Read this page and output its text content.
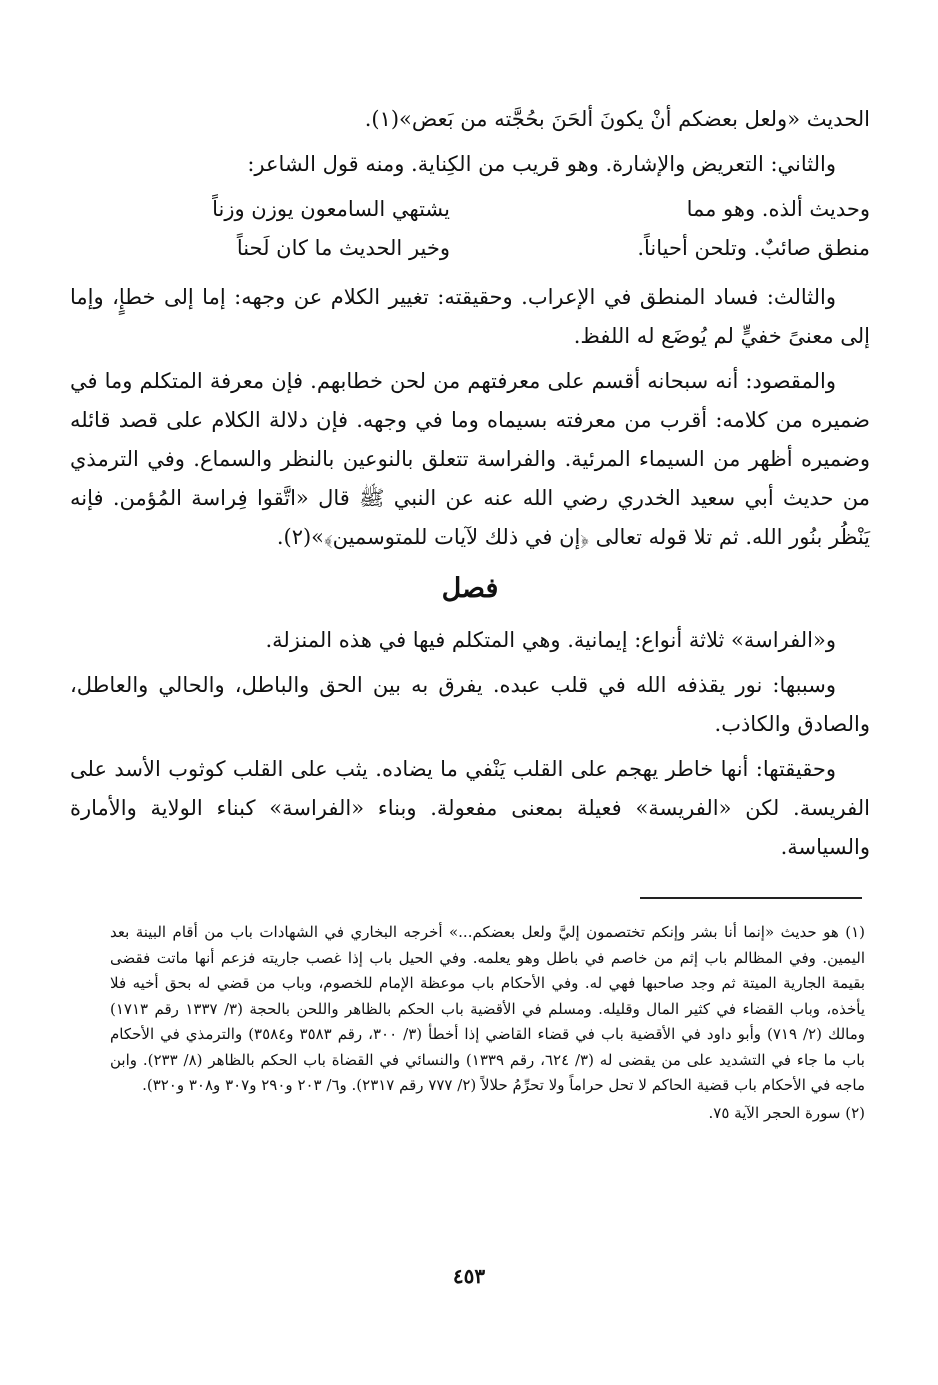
الحديث «ولعل بعضكم أنْ يكونَ ألحَنَ بحُجَّته من بَعض»(١).

والثاني: التعريض والإشارة. وهو قريب من الكِناية. ومنه قول الشاعر:

وحديث ألذه. وهو مما
يشتهي السامعون يوزن وزناً
منطق صائبٌ. وتلحن أحياناً.
وخير الحديث ما كان لَحناً

والثالث: فساد المنطق في الإعراب. وحقيقته: تغيير الكلام عن وجهه: إما إلى خطإٍ، وإما إلى معنىً خفيٍّ لم يُوضَع له اللفظ.

والمقصود: أنه سبحانه أقسم على معرفتهم من لحن خطابهم. فإن معرفة المتكلم وما في ضميره من كلامه: أقرب من معرفته بسيماه وما في وجهه. فإن دلالة الكلام على قصد قائله وضميره أظهر من السيماء المرئية. والفراسة تتعلق بالنوعين بالنظر والسماع. وفي الترمذي من حديث أبي سعيد الخدري رضي الله عنه عن النبي ﷺ قال «اتَّقوا فِراسة المُؤمن. فإنه يَنْظُر بنُور الله. ثم تلا قوله تعالى ﴿إن في ذلك لآيات للمتوسمين﴾»(٢).

فصل

و«الفراسة» ثلاثة أنواع: إيمانية. وهي المتكلم فيها في هذه المنزلة.

وسببها: نور يقذفه الله في قلب عبده. يفرق به بين الحق والباطل، والحالي والعاطل، والصادق والكاذب.

وحقيقتها: أنها خاطر يهجم على القلب يَنْفي ما يضاده. يثب على القلب كوثوب الأسد على الفريسة. لكن «الفريسة» فعيلة بمعنى مفعولة. وبناء «الفراسة» كبناء الولاية والأمارة والسياسة.

(١) هو حديث «إنما أنا بشر وإنكم تختصمون إليَّ ولعل بعضكم...» أخرجه البخاري في الشهادات باب من أقام البينة بعد اليمين. وفي المظالم باب إثم من خاصم في باطل وهو يعلمه. وفي الحيل باب إذا غصب جاريته فزعم أنها ماتت فقضى بقيمة الجارية الميتة ثم وجد صاحبها فهي له. وفي الأحكام باب موعظة الإمام للخصوم، وباب من قضي له بحق أخيه فلا يأخذه، وباب القضاء في كثير المال وقليله. ومسلم في الأقضية باب الحكم بالظاهر واللحن بالحجة (٣/ ١٣٣٧ رقم ١٧١٣) ومالك (٢/ ٧١٩) وأبو داود في الأقضية باب في قضاء القاضي إذا أخطأ (٣/ ٣٠٠، رقم ٣٥٨٣ و٣٥٨٤) والترمذي في الأحكام باب ما جاء في التشديد على من يقضى له (٣/ ٦٢٤، رقم ١٣٣٩) والنسائي في القضاة باب الحكم بالظاهر (٨/ ٢٣٣). وابن ماجه في الأحكام باب قضية الحاكم لا تحل حراماً ولا تحرِّمُ حلالاً (٢/ ٧٧٧ رقم ٢٣١٧). و٦/ ٢٠٣ و٢٩٠ و٣٠٧ و٣٠٨ و٣٢٠).

(٢) سورة الحجر الآية ٧٥.

٤٥٣
